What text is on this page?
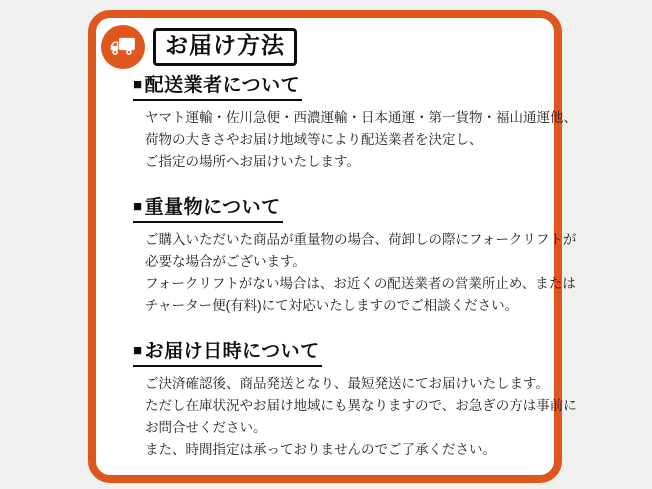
お届け方法
■ 配送業者について

ヤマト運輸・佐川急便・西濃運輸・日本通運・第一貨物・福山通運他、

荷物の大きさやお届け地域等により配送業者を決定し、

ご指定の場所へお届けいたします。

■ 重量物について

ご購入いただいた商品が重量物の場合、荷卸しの際にフォークリフトが

必要な場合がございます。

フォークリフトがない場合は、お近くの配送業者の営業所止め、または

チャーター便(有料)にて対応いたしますのでご相談ください。

■ お届け日時について

ご決済確認後、商品発送となり、最短発送にてお届けいたします。

ただし在庫状況やお届け地域にも異なりますので、お急ぎの方は事前に

お問合せください。

また、時間指定は承っておりませんのでご了承ください。
